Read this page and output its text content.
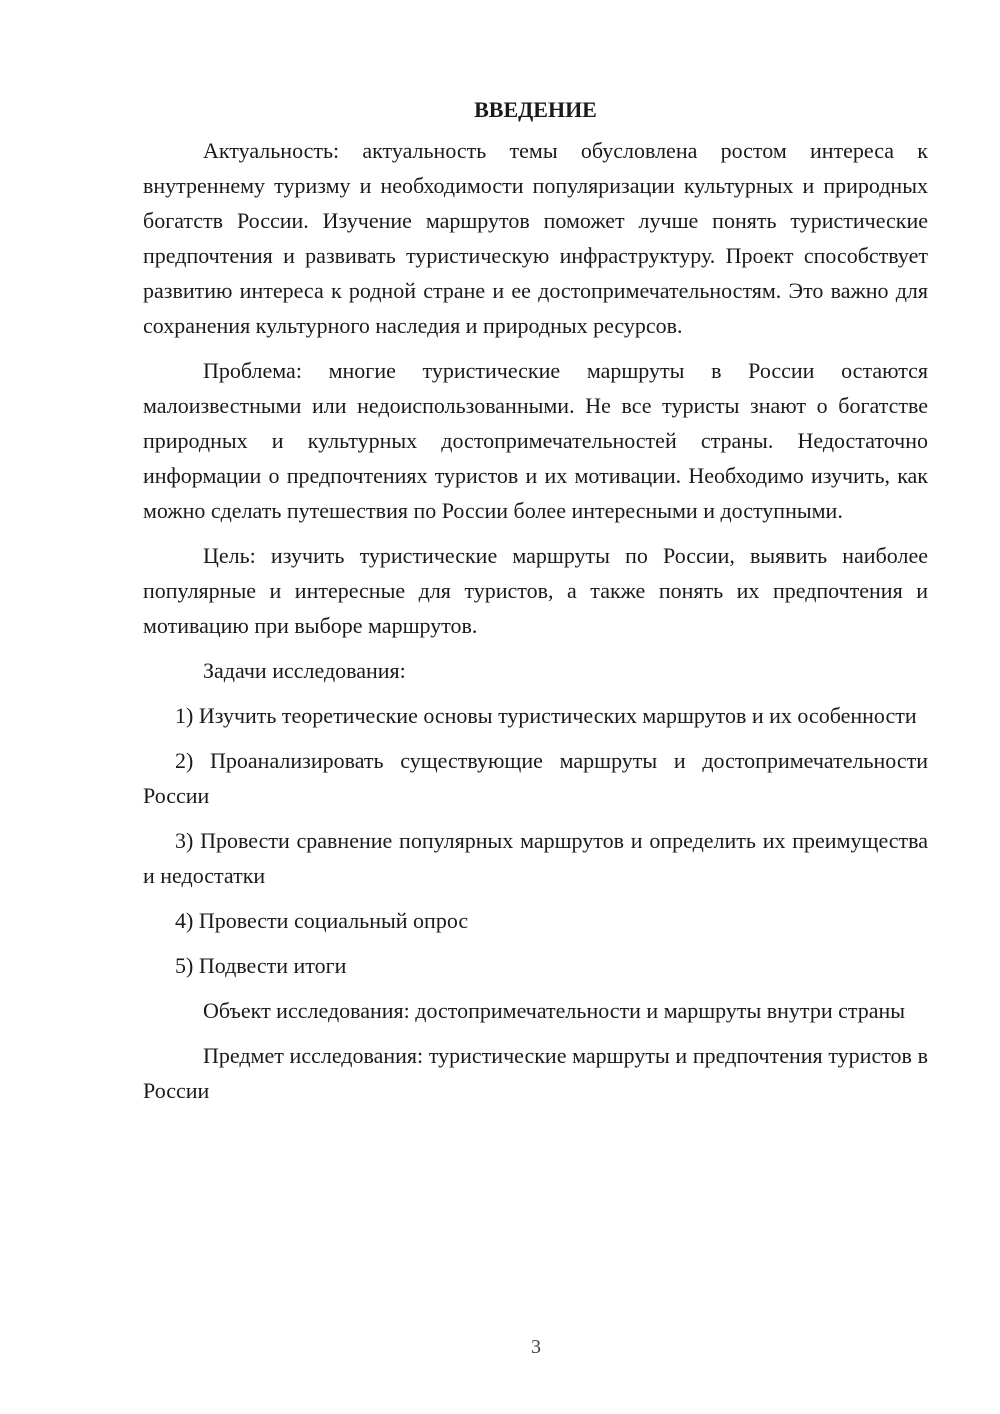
ВВЕДЕНИЕ

Актуальность: актуальность темы обусловлена ростом интереса к внутреннему туризму и необходимости популяризации культурных и природных богатств России. Изучение маршрутов поможет лучше понять туристические предпочтения и развивать туристическую инфраструктуру. Проект способствует развитию интереса к родной стране и ее достопримечательностям. Это важно для сохранения культурного наследия и природных ресурсов.

Проблема: многие туристические маршруты в России остаются малоизвестными или недоиспользованными. Не все туристы знают о богатстве природных и культурных достопримечательностей страны. Недостаточно информации о предпочтениях туристов и их мотивации. Необходимо изучить, как можно сделать путешествия по России более интересными и доступными.

Цель: изучить туристические маршруты по России, выявить наиболее популярные и интересные для туристов, а также понять их предпочтения и мотивацию при выборе маршрутов.

Задачи исследования:

1) Изучить теоретические основы туристических маршрутов и их особенности

2) Проанализировать существующие маршруты и достопримечательности России

3) Провести сравнение популярных маршрутов и определить их преимущества и недостатки

4) Провести социальный опрос

5) Подвести итоги

Объект исследования: достопримечательности и маршруты внутри страны

Предмет исследования: туристические маршруты и предпочтения туристов в России

3
